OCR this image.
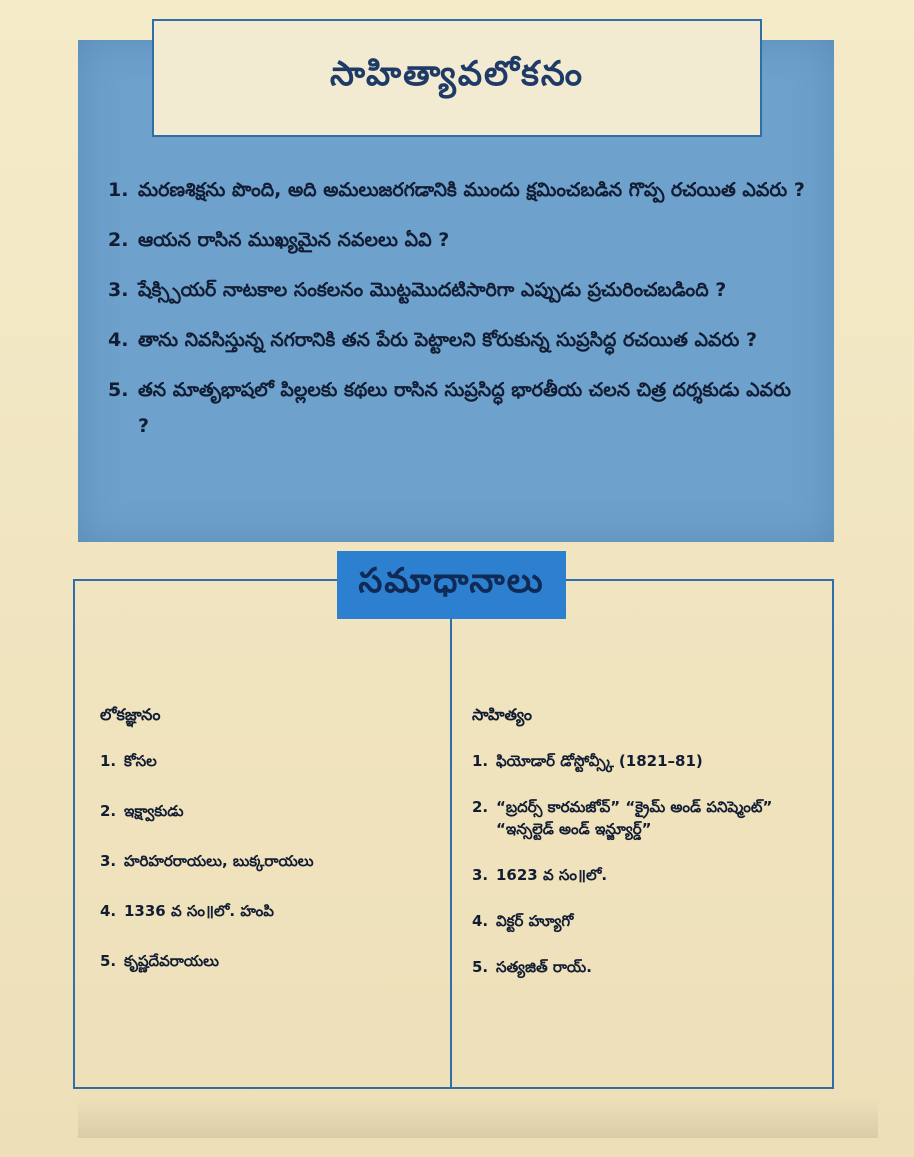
సాహిత్యావలోకనం
1. మరణశిక్షను పొంది, అది అమలుజరగడానికి ముందు క్షమించబడిన గొప్ప రచయిత ఎవరు ?
2. ఆయన రాసిన ముఖ్యమైన నవలలు ఏవి ?
3. షేక్స్పియర్ నాటకాల సంకలనం మొట్టమొదటిసారిగా ఎప్పుడు ప్రచురించబడింది ?
4. తాను నివసిస్తున్న నగరానికి తన పేరు పెట్టాలని కోరుకున్న సుప్రసిద్ధ రచయిత ఎవరు ?
5. తన మాతృభాషలో పిల్లలకు కథలు రాసిన సుప్రసిద్ధ భారతీయ చలన చిత్ర దర్శకుడు ఎవరు ?
సమాధానాలు
లోకజ్ఞానం
1. కోసల
2. ఇక్ష్వాకుడు
3. హరిహరరాయలు, బుక్కరాయలు
4. 1336 వ సం॥లో. హంపి
5. కృష్ణదేవరాయలు
సాహిత్యం
1. ఫియోడార్ డోస్టోవ్స్కీ (1821–81)
2. “బ్రదర్స్ కారమజోవ్” “క్రైమ్ అండ్ పనిష్మెంట్” “ఇన్సల్టెడ్ అండ్ ఇన్జ్యూర్డ్”
3. 1623 వ సం॥లో.
4. విక్టర్ హ్యూగో
5. సత్యజిత్ రాయ్.
